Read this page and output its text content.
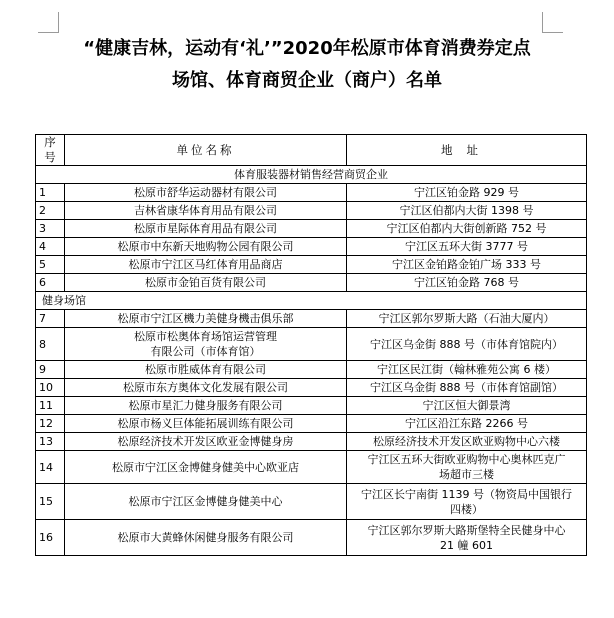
“健康吉林，运动有‘礼’”2020年松原市体育消费券定点
场馆、体育商贸企业（商户）名单
序号	单位名称	地址
体育服装器材销售经营商贸企业		
1	松原市舒华运动器材有限公司	宁江区铂金路 929 号
2	吉林省康华体育用品有限公司	宁江区伯都内大街 1398 号
3	松原市星际体育用品有限公司	宁江区伯都内大街创新路 752 号
4	松原市中东新天地购物公园有限公司	宁江区五环大街 3777 号
5	松原市宁江区马红体育用品商店	宁江区金铂路金铂广场 333 号
6	松原市金铂百货有限公司	宁江区铂金路 768 号
健身场馆		
7	松原市宁江区機力美健身機击俱乐部	宁江区郭尔罗斯大路（石油大厦内）
8	松原市松奥体育场馆运营管理
有限公司（市体育馆）	宁江区乌金街 888 号（市体育馆院内）
9	松原市胜威体育有限公司	宁江区民江街（翰林雅苑公寓 6 楼）
10	松原市东方奥体文化发展有限公司	宁江区乌金街 888 号（市体育馆副馆）
11	松原市星汇力健身服务有限公司	宁江区恒大御景湾
12	松原市杨义巨体能拓展训练有限公司	宁江区沿江东路 2266 号
13	松原经济技术开发区欧亚金博健身房	松原经济技术开发区欧亚购物中心六楼
14	松原市宁江区金博健身健美中心欧亚店	宁江区五环大街欧亚购物中心奥林匹克广
场超市三楼

15	松原市宁江区金博健身健美中心	宁江区长宁南街 1139 号（物资局中国银行
四楼）

16	松原市大黄蜂休闲健身服务有限公司	宁江区郭尔罗斯大路斯堡特全民健身中心
21 幢 601
